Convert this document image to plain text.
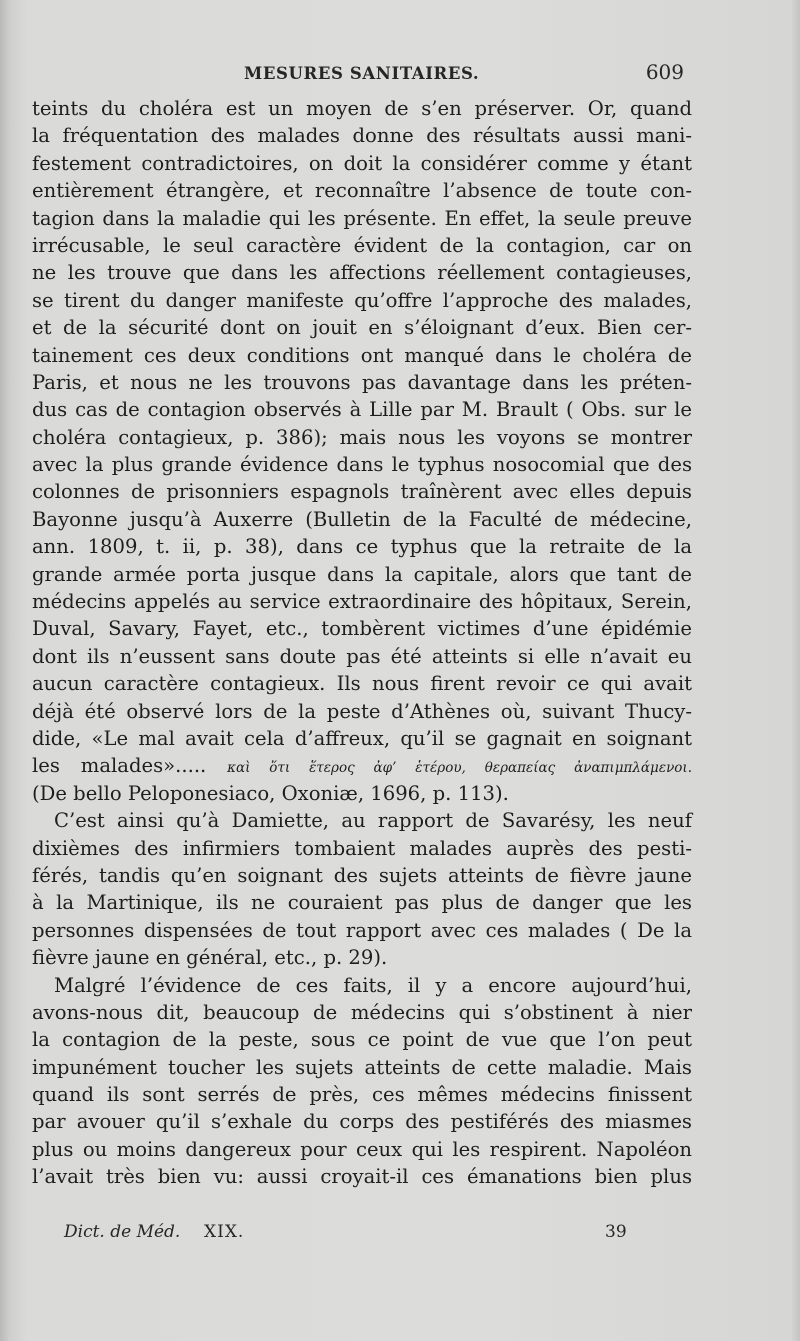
MESURES SANITAIRES.	609
teints du choléra est un moyen de s’en préserver. Or, quand
la fréquentation des malades donne des résultats aussi mani-
festement contradictoires, on doit la considérer comme y étant
entièrement étrangère, et reconnaître l’absence de toute con-
tagion dans la maladie qui les présente. En effet, la seule preuve
irrécusable, le seul caractère évident de la contagion, car on
ne les trouve que dans les affections réellement contagieuses,
se tirent du danger manifeste qu’offre l’approche des malades,
et de la sécurité dont on jouit en s’éloignant d’eux. Bien cer-
tainement ces deux conditions ont manqué dans le choléra de
Paris, et nous ne les trouvons pas davantage dans les préten-
dus cas de contagion observés à Lille par M. Brault ( Obs. sur le
choléra contagieux, p. 386); mais nous les voyons se montrer
avec la plus grande évidence dans le typhus nosocomial que des
colonnes de prisonniers espagnols traînèrent avec elles depuis
Bayonne jusqu’à Auxerre (Bulletin de la Faculté de médecine,
ann. 1809, t. ii, p. 38), dans ce typhus que la retraite de la
grande armée porta jusque dans la capitale, alors que tant de
médecins appelés au service extraordinaire des hôpitaux, Serein,
Duval, Savary, Fayet, etc., tombèrent victimes d’une épidémie
dont ils n’eussent sans doute pas été atteints si elle n’avait eu
aucun caractère contagieux. Ils nous firent revoir ce qui avait
déjà été observé lors de la peste d’Athènes où, suivant Thucy-
dide, «Le mal avait cela d’affreux, qu’il se gagnait en soignant
les malades»..... καὶ ὅτι ἕτερος ἀφ’ ἑτέρου, θεραπείας ἀναπιμπλάμενοι.
(De bello Peloponesiaco, Oxoniæ, 1696, p. 113).
C’est ainsi qu’à Damiette, au rapport de Savarésy, les neuf
dixièmes des infirmiers tombaient malades auprès des pesti-
férés, tandis qu’en soignant des sujets atteints de fièvre jaune
à la Martinique, ils ne couraient pas plus de danger que les
personnes dispensées de tout rapport avec ces malades ( De la
fièvre jaune en général, etc., p. 29).
Malgré l’évidence de ces faits, il y a encore aujourd’hui,
avons-nous dit, beaucoup de médecins qui s’obstinent à nier
la contagion de la peste, sous ce point de vue que l’on peut
impunément toucher les sujets atteints de cette maladie. Mais
quand ils sont serrés de près, ces mêmes médecins finissent
par avouer qu’il s’exhale du corps des pestiférés des miasmes
plus ou moins dangereux pour ceux qui les respirent. Napoléon
l’avait très bien vu: aussi croyait-il ces émanations bien plus
Dict. de Méd. XIX.	39
